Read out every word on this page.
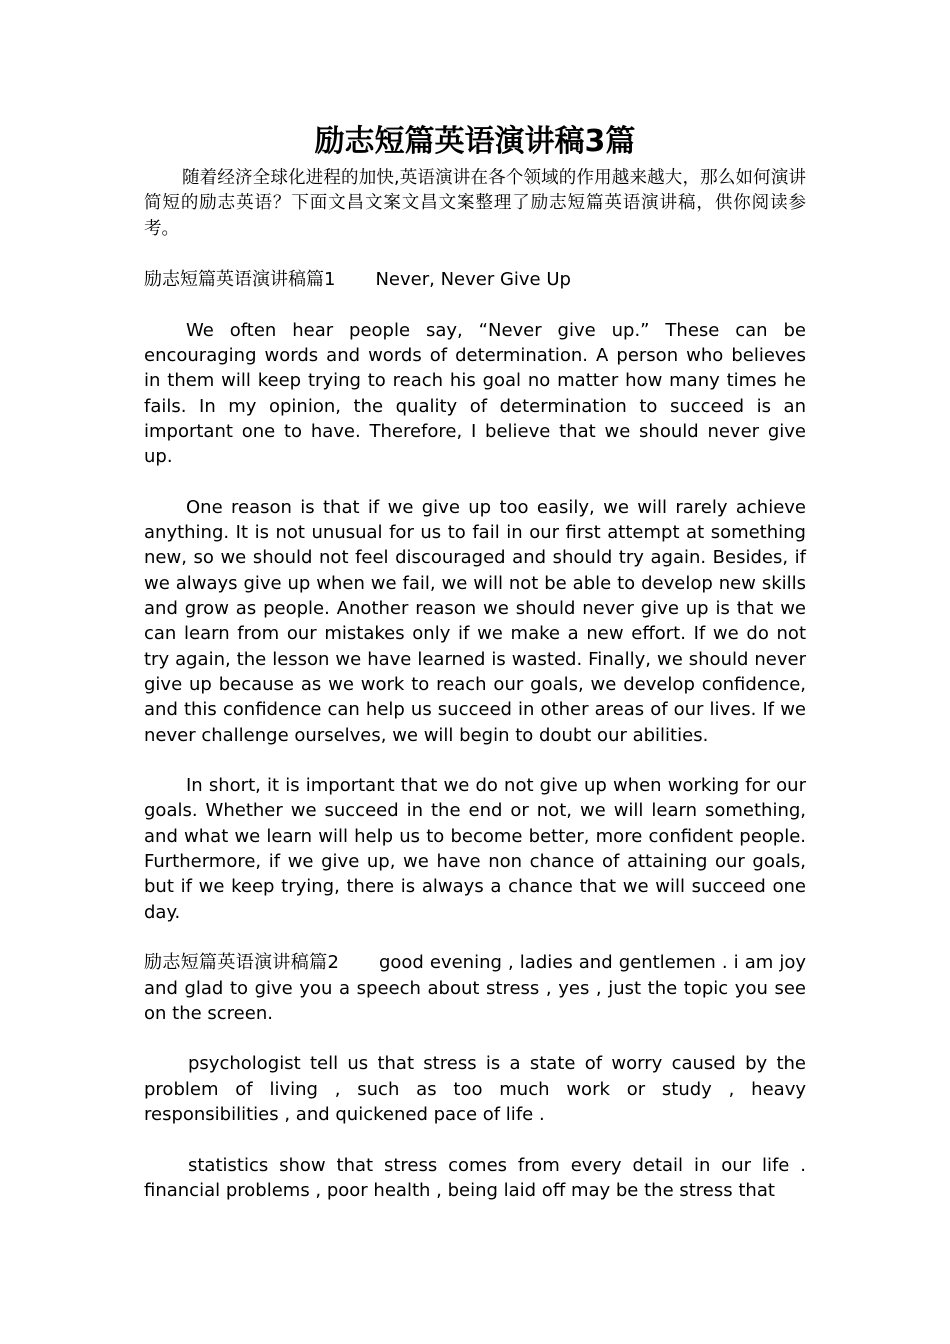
励志短篇英语演讲稿3篇

随着经济全球化进程的加快,英语演讲在各个领域的作用越来越大，那么如何演讲简短的励志英语？下面文昌文案文昌文案整理了励志短篇英语演讲稿，供你阅读参考。

励志短篇英语演讲稿篇1 Never, Never Give Up

We often hear people say, “Never give up.” These can be encouraging words and words of determination. A person who believes in them will keep trying to reach his goal no matter how many times he fails. In my opinion, the quality of determination to succeed is an important one to have. Therefore, I believe that we should never give up.

One reason is that if we give up too easily, we will rarely achieve anything. It is not unusual for us to fail in our first attempt at something new, so we should not feel discouraged and should try again. Besides, if we always give up when we fail, we will not be able to develop new skills and grow as people. Another reason we should never give up is that we can learn from our mistakes only if we make a new effort. If we do not try again, the lesson we have learned is wasted. Finally, we should never give up because as we work to reach our goals, we develop confidence, and this confidence can help us succeed in other areas of our lives. If we never challenge ourselves, we will begin to doubt our abilities.

In short, it is important that we do not give up when working for our goals. Whether we succeed in the end or not, we will learn something, and what we learn will help us to become better, more confident people. Furthermore, if we give up, we have non chance of attaining our goals, but if we keep trying, there is always a chance that we will succeed one day.

励志短篇英语演讲稿篇2 good evening , ladies and gentlemen . i am joy and glad to give you a speech about stress , yes , just the topic you see on the screen.

psychologist tell us that stress is a state of worry caused by the problem of living , such as too much work or study , heavy responsibilities , and quickened pace of life .

statistics show that stress comes from every detail in our life . financial problems , poor health , being laid off may be the stress that
